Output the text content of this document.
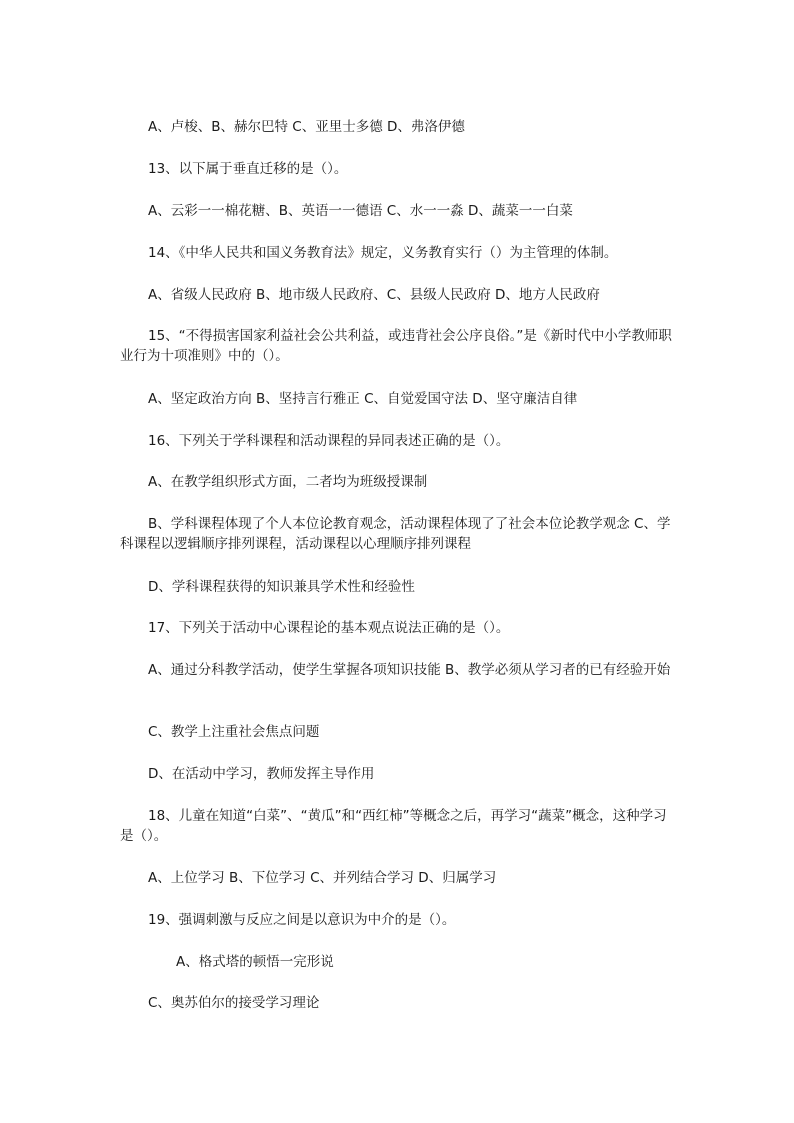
A、卢梭、B、赫尔巴特 C、亚里士多德 D、弗洛伊德
13、以下属于垂直迁移的是（）。
A、云彩一一棉花糖、B、英语一一德语 C、水一一淼 D、蔬菜一一白菜
14、《中华人民共和国义务教育法》规定，义务教育实行（）为主管理的体制。
A、省级人民政府 B、地市级人民政府、C、县级人民政府 D、地方人民政府
15、“不得损害国家利益社会公共利益，或违背社会公序良俗。”是《新时代中小学教师职业行为十项准则》中的（）。
A、坚定政治方向 B、坚持言行雅正 C、自觉爱国守法 D、坚守廉洁自律
16、下列关于学科课程和活动课程的异同表述正确的是（）。
A、在教学组织形式方面，二者均为班级授课制
B、学科课程体现了个人本位论教育观念，活动课程体现了了社会本位论教学观念 C、学科课程以逻辑顺序排列课程，活动课程以心理顺序排列课程
D、学科课程获得的知识兼具学术性和经验性
17、下列关于活动中心课程论的基本观点说法正确的是（）。
A、通过分科教学活动，使学生掌握各项知识技能 B、教学必须从学习者的已有经验开始
C、教学上注重社会焦点问题
D、在活动中学习，教师发挥主导作用
18、儿童在知道“白菜”、“黄瓜”和“西红柿”等概念之后，再学习“蔬菜”概念，这种学习是（）。
A、上位学习 B、下位学习 C、并列结合学习 D、归属学习
19、强调刺激与反应之间是以意识为中介的是（）。
A、格式塔的顿悟一完形说
C、奥苏伯尔的接受学习理论
